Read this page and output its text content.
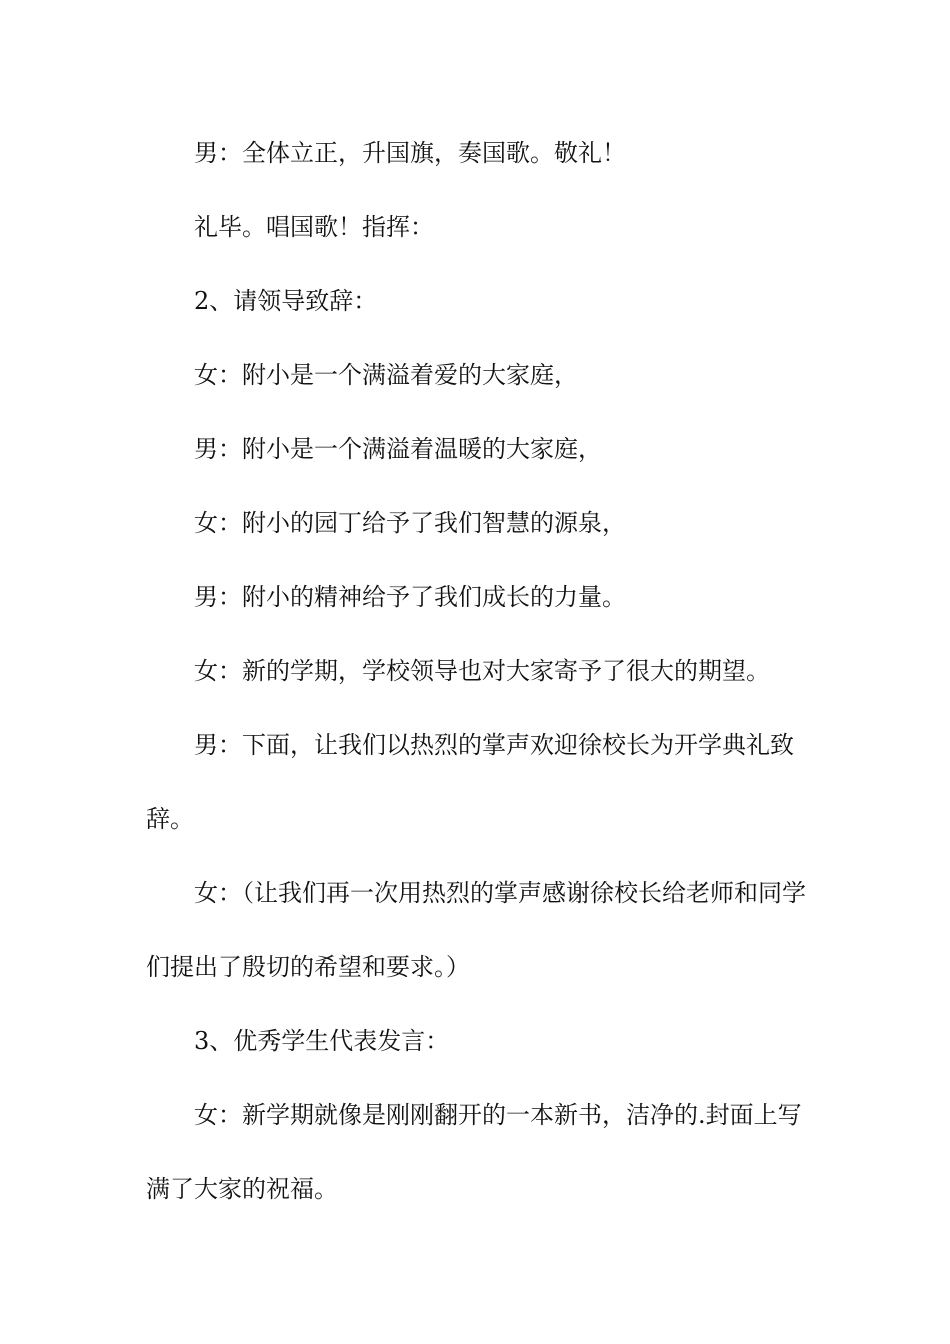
男：全体立正，升国旗，奏国歌。敬礼！

礼毕。唱国歌！指挥：

2、请领导致辞：

女：附小是一个满溢着爱的大家庭，

男：附小是一个满溢着温暖的大家庭，

女：附小的园丁给予了我们智慧的源泉，

男：附小的精神给予了我们成长的力量。

女：新的学期，学校领导也对大家寄予了很大的期望。

男：下面，让我们以热烈的掌声欢迎徐校长为开学典礼致辞。

女：（让我们再一次用热烈的掌声感谢徐校长给老师和同学们提出了殷切的希望和要求。）

3、优秀学生代表发言：

女：新学期就像是刚刚翻开的一本新书，洁净的.封面上写满了大家的祝福。
